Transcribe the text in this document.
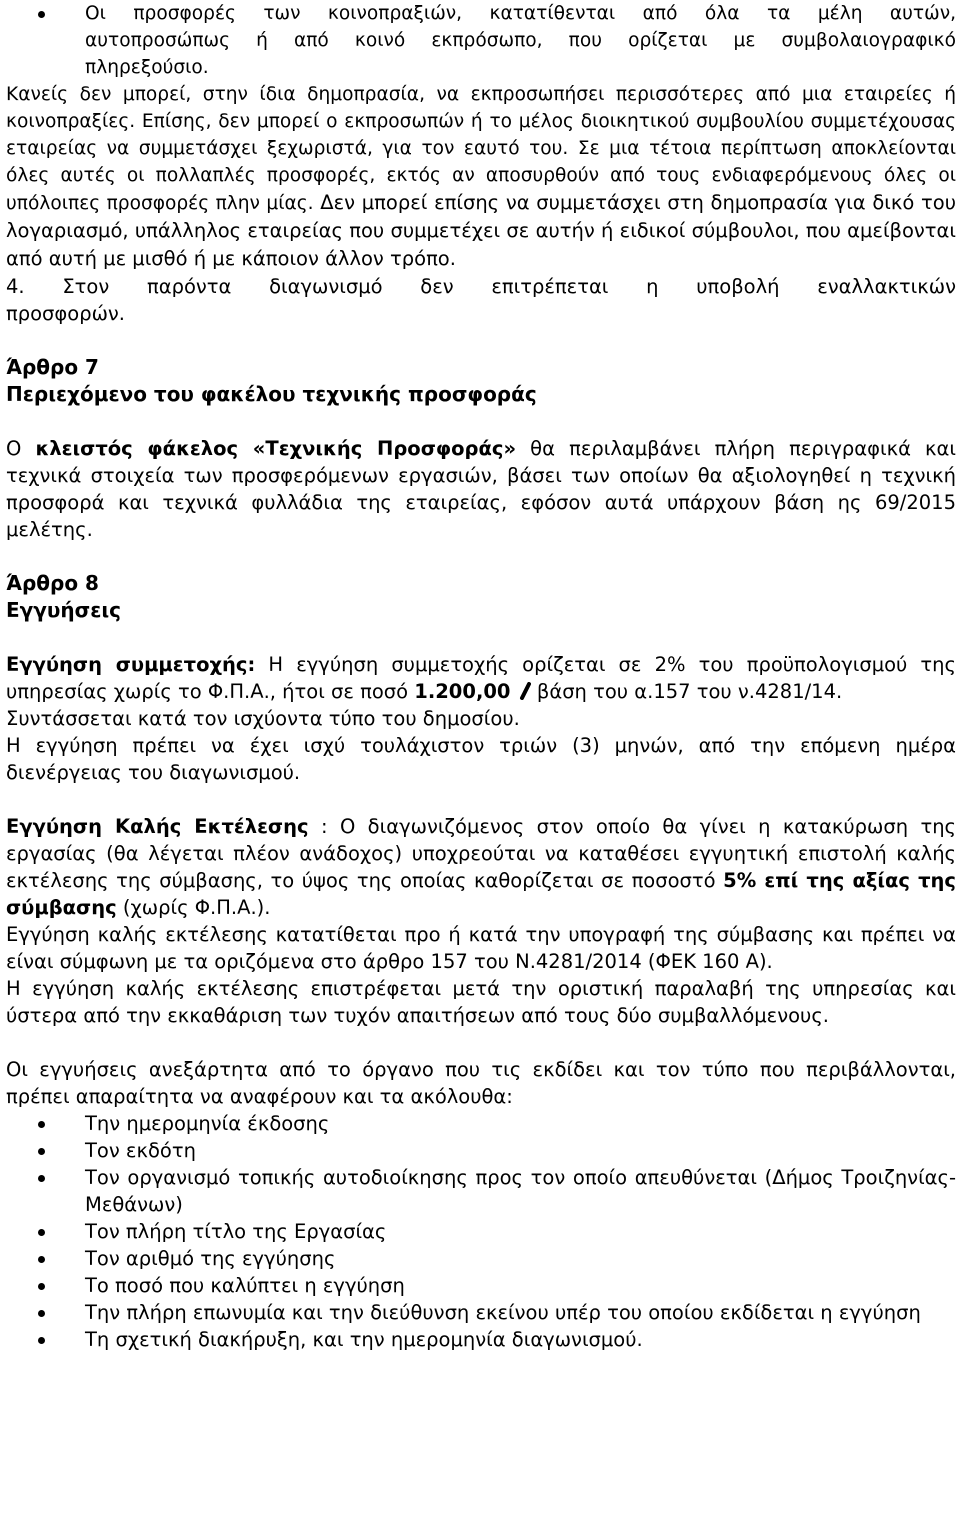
Οι προσφορές των κοινοπραξιών, κατατίθενται από όλα τα μέλη αυτών,
αυτοπροσώπως ή από κοινό εκπρόσωπο, που ορίζεται με συμβολαιογραφικό
πληρεξούσιο.

Κανείς δεν μπορεί, στην ίδια δημοπρασία, να εκπροσωπήσει περισσότερες από μια εταιρείες ή κοινοπραξίες. Επίσης, δεν μπορεί ο εκπροσωπών ή το μέλος διοικητικού συμβουλίου συμμετέχουσας εταιρείας να συμμετάσχει ξεχωριστά, για τον εαυτό του. Σε μια τέτοια περίπτωση αποκλείονται όλες αυτές οι πολλαπλές προσφορές, εκτός αν αποσυρθούν από τους ενδιαφερόμενους όλες οι υπόλοιπες προσφορές πλην μίας. Δεν μπορεί επίσης να συμμετάσχει στη δημοπρασία για δικό του λογαριασμό, υπάλληλος εταιρείας που συμμετέχει σε αυτήν ή ειδικοί σύμβουλοι, που αμείβονται από αυτή με μισθό ή με κάποιον άλλον τρόπο.

4. Στον παρόντα διαγωνισμό δεν επιτρέπεται η υποβολή εναλλακτικών
προσφορών.
Άρθρο 7
Περιεχόμενο του φακέλου τεχνικής προσφοράς

Ο κλειστός φάκελος «Τεχνικής Προσφοράς» θα περιλαμβάνει πλήρη περιγραφικά και τεχνικά στοιχεία των προσφερόμενων εργασιών, βάσει των οποίων θα αξιολογηθεί η τεχνική προσφορά και τεχνικά φυλλάδια της εταιρείας, εφόσον αυτά υπάρχουν βάση ης 69/2015 μελέτης.

Άρθρο 8
Εγγυήσεις

Εγγύηση συμμετοχής: Η εγγύηση συμμετοχής ορίζεται σε 2% του προϋπολογισμού της υπηρεσίας χωρίς το Φ.Π.Α., ήτοι σε ποσό 1.200,00  βάση του α.157 του ν.4281/14.

Συντάσσεται κατά τον ισχύοντα τύπο του δημοσίου.

Η εγγύηση πρέπει να έχει ισχύ τουλάχιστον τριών (3) μηνών, από την επόμενη ημέρα διενέργειας του διαγωνισμού.

Εγγύηση Καλής Εκτέλεσης : Ο διαγωνιζόμενος στον οποίο θα γίνει η κατακύρωση της εργασίας (θα λέγεται πλέον ανάδοχος) υποχρεούται να καταθέσει εγγυητική επιστολή καλής εκτέλεσης της σύμβασης, το ύψος της οποίας καθορίζεται σε ποσοστό 5% επί της αξίας της σύμβασης (χωρίς Φ.Π.Α.).

Εγγύηση καλής εκτέλεσης κατατίθεται προ ή κατά την υπογραφή της σύμβασης και πρέπει να είναι σύμφωνη με τα οριζόμενα στο άρθρο 157 του Ν.4281/2014 (ΦΕΚ 160 Α).

Η εγγύηση καλής εκτέλεσης επιστρέφεται μετά την οριστική παραλαβή της υπηρεσίας και ύστερα από την εκκαθάριση των τυχόν απαιτήσεων από τους δύο συμβαλλόμενους.

Οι εγγυήσεις ανεξάρτητα από το όργανο που τις εκδίδει και τον τύπο που περιβάλλονται, πρέπει απαραίτητα να αναφέρουν και τα ακόλουθα:

Την ημερομηνία έκδοσης
Τον εκδότη
Τον οργανισμό τοπικής αυτοδιοίκησης προς τον οποίο απευθύνεται (Δήμος Τροιζηνίας-Μεθάνων)
Τον πλήρη τίτλο της Εργασίας
Τον αριθμό της εγγύησης
Το ποσό που καλύπτει η εγγύηση
Την πλήρη επωνυμία και την διεύθυνση εκείνου υπέρ του οποίου εκδίδεται η εγγύηση
Τη σχετική διακήρυξη, και την ημερομηνία διαγωνισμού.
